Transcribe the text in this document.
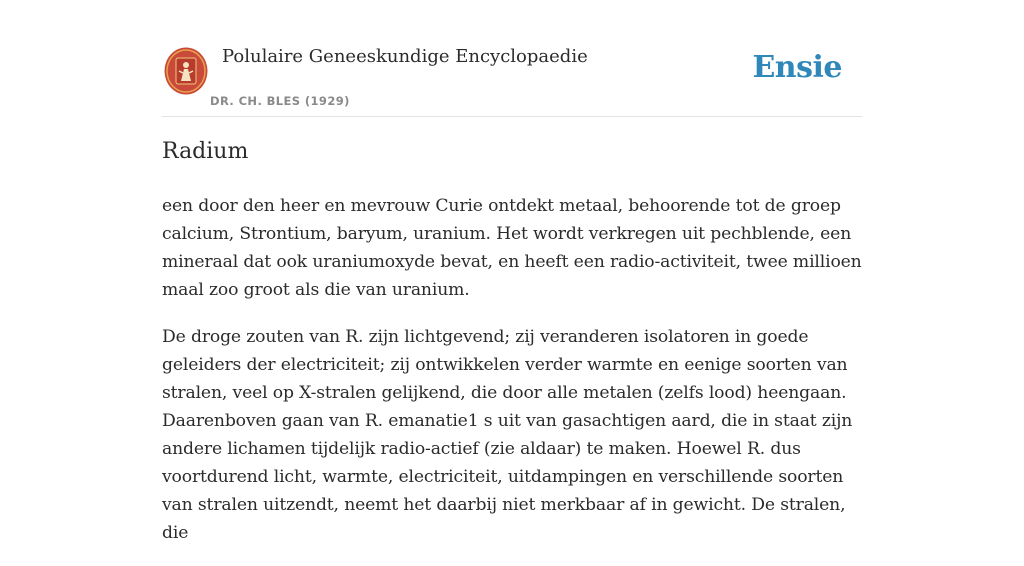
Polulaire Geneeskundige Encyclopaedie
DR. CH. BLES (1929)
Ensie
Radium

een door den heer en mevrouw Curie ontdekt metaal, behoorende tot de groep calcium, Strontium, baryum, uranium. Het wordt verkregen uit pechblende, een mineraal dat ook uraniumoxyde bevat, en heeft een radio-activiteit, twee millioen maal zoo groot als die van uranium.

De droge zouten van R. zijn lichtgevend; zij veranderen isolatoren in goede geleiders der electriciteit; zij ontwikkelen verder warmte en eenige soorten van stralen, veel op X-stralen gelijkend, die door alle metalen (zelfs lood) heengaan. Daarenboven gaan van R. emanatie1 s uit van gasachtigen aard, die in staat zijn andere lichamen tijdelijk radio-actief (zie aldaar) te maken. Hoewel R. dus voortdurend licht, warmte, electriciteit, uitdampingen en verschillende soorten van stralen uitzendt, neemt het daarbij niet merkbaar af in gewicht. De stralen, die
